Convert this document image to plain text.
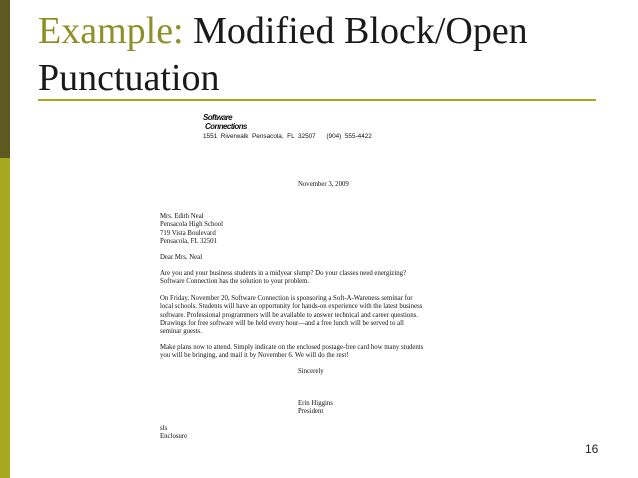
Example: Modified Block/Open Punctuation
Software
Connections
1551  Riverwalk  Pensacola,  FL  32507      (904)  555-4422
November 3, 2009
Mrs. Edith Neal
Pensacola High School
719 Vista Boulevard
Pensacola, FL 32501
Dear Mrs. Neal
Are you and your business students in a midyear slump? Do your classes need energizing?
Software Connection has the solution to your problem.
On Friday, November 20, Software Connection is sponsoring a Soft-A-Wareness seminar for
local schools. Students will have an opportunity for hands-on experience with the latest business
software. Professional programmers will be available to answer technical and career questions.
Drawings for free software will be held every hour—and a free lunch will be served to all
seminar guests.
Make plans now to attend. Simply indicate on the enclosed postage-free card how many students
you will be bringing, and mail it by November 6. We will do the rest!
Sincerely
Erin Higgins
President
sls
Enclosure
16
